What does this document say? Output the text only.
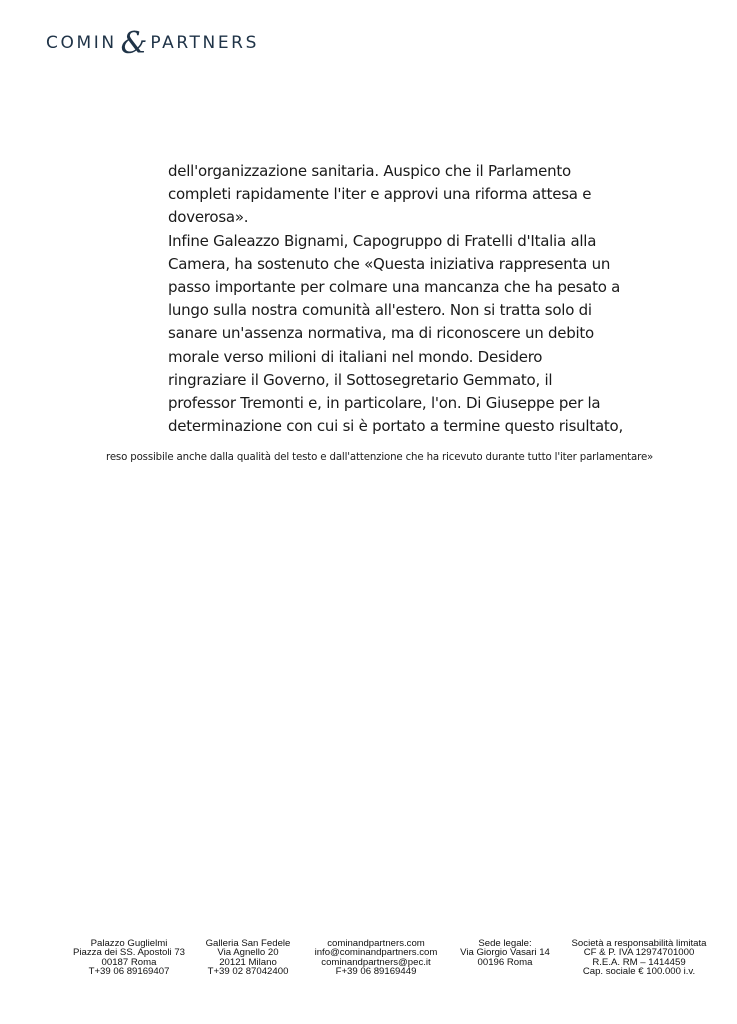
COMIN & PARTNERS
dell'organizzazione sanitaria. Auspico che il Parlamento
completi rapidamente l'iter e approvi una riforma attesa e
doverosa».
Infine Galeazzo Bignami, Capogruppo di Fratelli d'Italia alla
Camera, ha sostenuto che «Questa iniziativa rappresenta un
passo importante per colmare una mancanza che ha pesato a
lungo sulla nostra comunità all'estero. Non si tratta solo di
sanare un'assenza normativa, ma di riconoscere un debito
morale verso milioni di italiani nel mondo. Desidero
ringraziare il Governo, il Sottosegretario Gemmato, il
professor Tremonti e, in particolare, l'on. Di Giuseppe per la
determinazione con cui si è portato a termine questo risultato,
reso possibile anche dalla qualità del testo e dall'attenzione che ha ricevuto durante tutto l'iter parlamentare»
Palazzo Guglielmi
Piazza dei SS. Apostoli 73
00187 Roma
T+39 06 89169407
Galleria San Fedele
Via Agnello 20
20121 Milano
T+39 02 87042400
cominandpartners.com
info@cominandpartners.com
cominandpartners@pec.it
F+39 06 89169449
Sede legale:
Via Giorgio Vasari 14
00196 Roma
Società a responsabilità limitata
CF & P. IVA 12974701000
R.E.A. RM – 1414459
Cap. sociale € 100.000 i.v.
